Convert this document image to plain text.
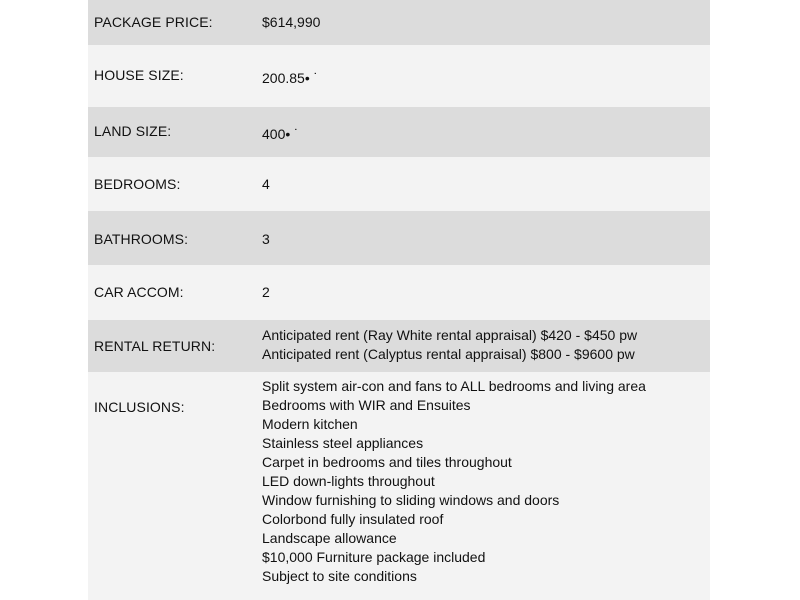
PACKAGE PRICE:	$614,990
HOUSE SIZE:	200.85• ˙
LAND SIZE:	400• ˙
BEDROOMS:	4
BATHROOMS:	3
CAR ACCOM:	2
RENTAL RETURN:
Anticipated rent (Ray White rental appraisal) $420 - $450 pw
Anticipated rent (Calyptus rental appraisal) $800 - $9600 pw
INCLUSIONS:
Split system air-con and fans to ALL bedrooms and living area
Bedrooms with WIR and Ensuites
Modern kitchen
Stainless steel appliances
Carpet in bedrooms and tiles throughout
LED down-lights throughout
Window furnishing to sliding windows and doors
Colorbond fully insulated roof
Landscape allowance
$10,000 Furniture package included
Subject to site conditions
